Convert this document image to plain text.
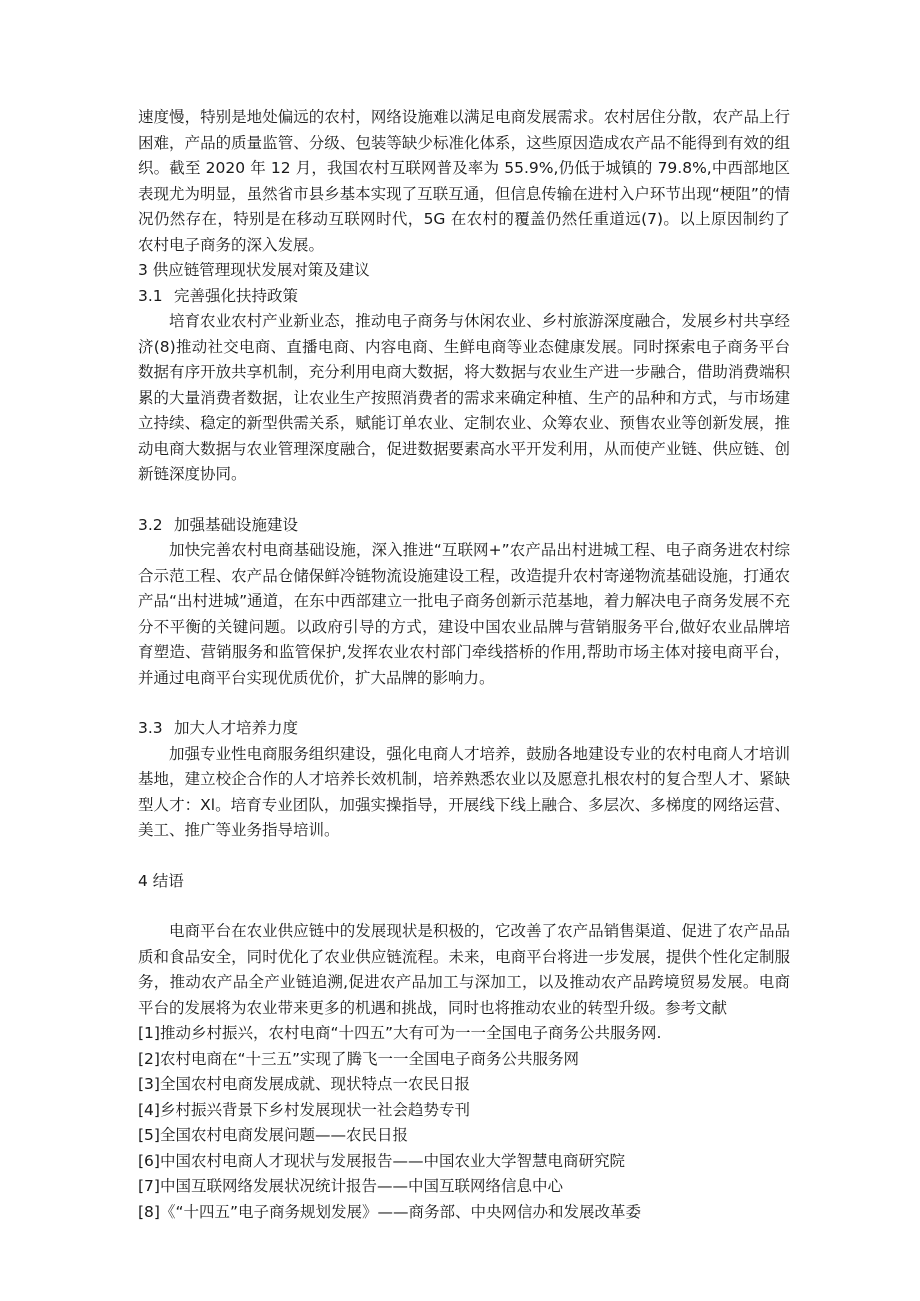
速度慢，特别是地处偏远的农村，网络设施难以满足电商发展需求。农村居住分散，农产品上行困难，产品的质量监管、分级、包装等缺少标准化体系，这些原因造成农产品不能得到有效的组织。截至 2020 年 12 月，我国农村互联网普及率为 55.9%,仍低于城镇的 79.8%,中西部地区表现尤为明显，虽然省市县乡基本实现了互联互通，但信息传输在进村入户环节出现“梗阻”的情况仍然存在，特别是在移动互联网时代，5G 在农村的覆盖仍然任重道远(7)。以上原因制约了农村电子商务的深入发展。

3 供应链管理现状发展对策及建议

3.1 完善强化扶持政策

培育农业农村产业新业态，推动电子商务与休闲农业、乡村旅游深度融合，发展乡村共享经济(8)推动社交电商、直播电商、内容电商、生鲜电商等业态健康发展。同时探索电子商务平台数据有序开放共享机制，充分利用电商大数据，将大数据与农业生产进一步融合，借助消费端积累的大量消费者数据，让农业生产按照消费者的需求来确定种植、生产的品种和方式，与市场建立持续、稳定的新型供需关系，赋能订单农业、定制农业、众筹农业、预售农业等创新发展，推动电商大数据与农业管理深度融合，促进数据要素高水平开发利用，从而使产业链、供应链、创新链深度协同。

3.2 加强基础设施建设

加快完善农村电商基础设施，深入推进“互联网+”农产品出村进城工程、电子商务进农村综合示范工程、农产品仓储保鲜冷链物流设施建设工程，改造提升农村寄递物流基础设施，打通农产品“出村进城”通道，在东中西部建立一批电子商务创新示范基地，着力解决电子商务发展不充分不平衡的关键问题。以政府引导的方式，建设中国农业品牌与营销服务平台,做好农业品牌培育塑造、营销服务和监管保护,发挥农业农村部门牵线搭桥的作用,帮助市场主体对接电商平台，并通过电商平台实现优质优价，扩大品牌的影响力。

3.3 加大人才培养力度

加强专业性电商服务组织建设，强化电商人才培养，鼓励各地建设专业的农村电商人才培训基地，建立校企合作的人才培养长效机制，培养熟悉农业以及愿意扎根农村的复合型人才、紧缺型人才：Xl。培育专业团队，加强实操指导，开展线下线上融合、多层次、多梯度的网络运营、美工、推广等业务指导培训。

4 结语

电商平台在农业供应链中的发展现状是积极的，它改善了农产品销售渠道、促进了农产品品质和食品安全，同时优化了农业供应链流程。未来，电商平台将进一步发展，提供个性化定制服务，推动农产品全产业链追溯,促进农产品加工与深加工，以及推动农产品跨境贸易发展。电商平台的发展将为农业带来更多的机遇和挑战，同时也将推动农业的转型升级。参考文献

[1]推动乡村振兴，农村电商“十四五”大有可为一一全国电子商务公共服务网.

[2]农村电商在“十三五”实现了腾飞一一全国电子商务公共服务网

[3]全国农村电商发展成就、现状特点一农民日报

[4]乡村振兴背景下乡村发展现状一社会趋势专刊

[5]全国农村电商发展问题——农民日报

[6]中国农村电商人才现状与发展报告——中国农业大学智慧电商研究院

[7]中国互联网络发展状况统计报告——中国互联网络信息中心

[8]《“十四五”电子商务规划发展》——商务部、中央网信办和发展改革委
